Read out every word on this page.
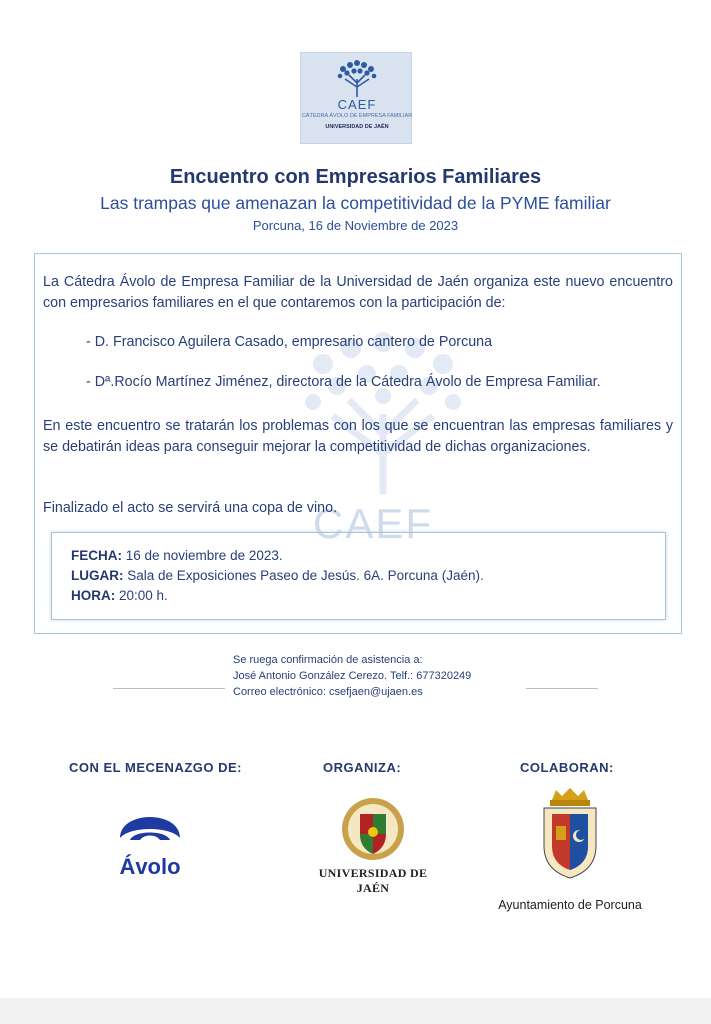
CAEF
CÁTEDRA ÁVOLO DE EMPRESA FAMILIAR
UNIVERSIDAD DE JAÉN
Encuentro con Empresarios Familiares
Las trampas que amenazan la competitividad de la PYME familiar
Porcuna, 16 de Noviembre de 2023
CAEF

La Cátedra Ávolo de Empresa Familiar de la Universidad de Jaén organiza este nuevo encuentro con empresarios familiares en el que contaremos con la participación de:

- D. Francisco Aguilera Casado, empresario cantero de Porcuna
- Dª.Rocío Martínez Jiménez, directora de la Cátedra Ávolo de Empresa Familiar.

En este encuentro se tratarán los problemas con los que se encuentran las empresas familiares y se debatirán ideas para conseguir mejorar la competitividad de dichas organizaciones.

Finalizado el acto se servirá una copa de vino.

FECHA: 16 de noviembre de 2023.
LUGAR: Sala de Exposiciones Paseo de Jesús. 6A. Porcuna (Jaén).
HORA: 20:00 h.
Se ruega confirmación de asistencia a:
José Antonio González Cerezo. Telf.: 677320249
Correo electrónico: csefjaen@ujaen.es
CON EL MECENAZGO DE:	ORGANIZA:	COLABORAN:
Ávolo	UNIVERSIDAD DE JAÉN
Ayuntamiento de Porcuna
